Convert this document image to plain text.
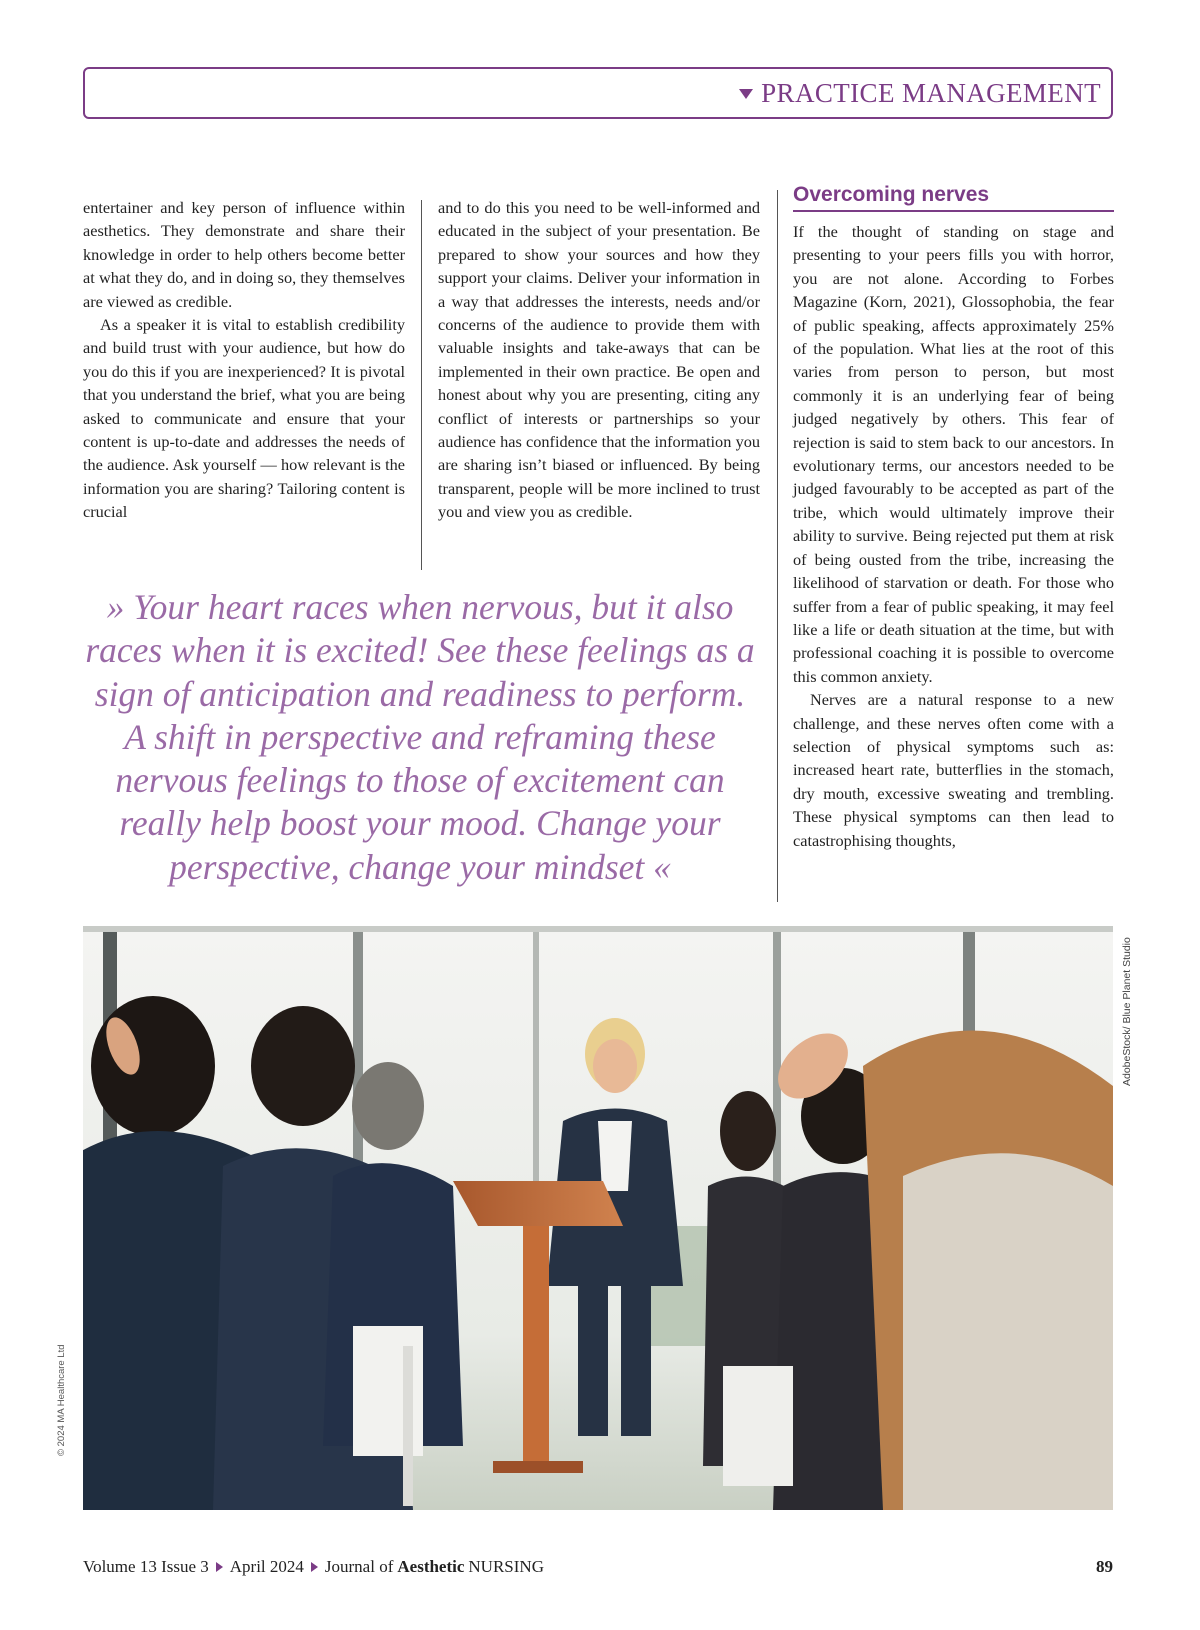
PRACTICE MANAGEMENT

entertainer and key person of influence within aesthetics. They demonstrate and share their knowledge in order to help others become better at what they do, and in doing so, they themselves are viewed as credible.

As a speaker it is vital to establish credibility and build trust with your audience, but how do you do this if you are inexperienced? It is pivotal that you understand the brief, what you are being asked to communicate and ensure that your content is up-to-date and addresses the needs of the audience. Ask yourself — how relevant is the information you are sharing? Tailoring content is crucial

and to do this you need to be well-informed and educated in the subject of your presentation. Be prepared to show your sources and how they support your claims. Deliver your information in a way that addresses the interests, needs and/or concerns of the audience to provide them with valuable insights and take-aways that can be implemented in their own practice. Be open and honest about why you are presenting, citing any conflict of interests or partnerships so your audience has confidence that the information you are sharing isn’t biased or influenced. By being transparent, people will be more inclined to trust you and view you as credible.

Overcoming nerves

If the thought of standing on stage and presenting to your peers fills you with horror, you are not alone. According to Forbes Magazine (Korn, 2021), Glossophobia, the fear of public speaking, affects approximately 25% of the population. What lies at the root of this varies from person to person, but most commonly it is an underlying fear of being judged negatively by others. This fear of rejection is said to stem back to our ancestors. In evolutionary terms, our ancestors needed to be judged favourably to be accepted as part of the tribe, which would ultimately improve their ability to survive. Being rejected put them at risk of being ousted from the tribe, increasing the likelihood of starvation or death. For those who suffer from a fear of public speaking, it may feel like a life or death situation at the time, but with professional coaching it is possible to overcome this common anxiety.

Nerves are a natural response to a new challenge, and these nerves often come with a selection of physical symptoms such as: increased heart rate, butterflies in the stomach, dry mouth, excessive sweating and trembling. These physical symptoms can then lead to catastrophising thoughts,

» Your heart races when nervous, but it also races when it is excited! See these feelings as a sign of anticipation and readiness to perform. A shift in perspective and reframing these nervous feelings to those of excitement can really help boost your mood. Change your perspective, change your mindset «
AdobeStock/ Blue Planet Studio
© 2024 MA Healthcare Ltd
Volume 13 Issue 3 April 2024 Journal of Aesthetic NURSING	89
